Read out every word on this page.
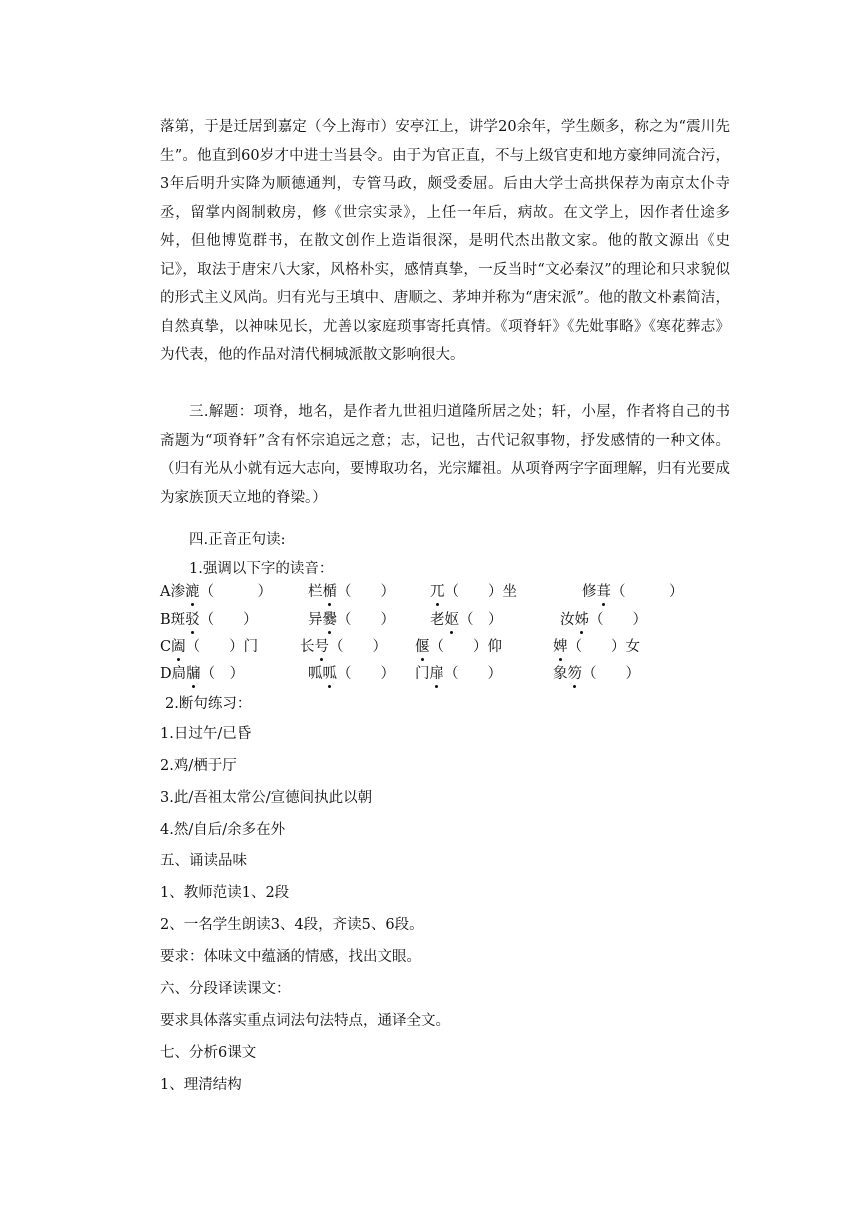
落第，于是迁居到嘉定（今上海市）安亭江上，讲学20余年，学生颇多，称之为“震川先生”。他直到60岁才中进士当县令。由于为官正直，不与上级官吏和地方豪绅同流合污，3年后明升实降为顺德通判，专管马政，颇受委屈。后由大学士高拱保荐为南京太仆寺丞，留掌内阁制敕房，修《世宗实录》，上任一年后，病故。在文学上，因作者仕途多舛，但他博览群书，在散文创作上造诣很深，是明代杰出散文家。他的散文源出《史记》，取法于唐宋八大家，风格朴实，感情真挚，一反当时“文必秦汉”的理论和只求貌似的形式主义风尚。归有光与王填中、唐顺之、茅坤并称为“唐宋派”。他的散文朴素简洁，自然真挚，以神味见长，尤善以家庭琐事寄托真情。《项脊轩》《先妣事略》《寒花葬志》为代表，他的作品对清代桐城派散文影响很大。

三.解题：项脊，地名，是作者九世祖归道隆所居之处；轩，小屋，作者将自己的书斋题为“项脊轩”含有怀宗追远之意；志，记也，古代记叙事物，抒发感情的一种文体。（归有光从小就有远大志向，要博取功名，光宗耀祖。从项脊两字字面理解，归有光要成为家族顶天立地的脊梁。）

四.正音正句读:

1.强调以下字的读音：

A渗漉（　　　） 栏楯（　　） 兀（　　）坐	修葺（　　　）
B斑驳（　　）	异爨（　　） 老妪（　）	汝姊（　　）
C阖（　　）门	长号（　　） 偃（　　）仰	婢（　　）女
D扃牖（　）	呱呱（　　） 门扉（　　）	象笏（　　）

2.断句练习：

1.日过午/已昏

2.鸡/栖于厅

3.此/吾祖太常公/宣德间执此以朝

4.然/自后/余多在外

五、诵读品味

1、教师范读1、2段

2、一名学生朗读3、4段，齐读5、6段。

要求：体味文中蕴涵的情感，找出文眼。

六、分段译读课文：

要求具体落实重点词法句法特点，通译全文。

七、分析6课文

1、理清结构
